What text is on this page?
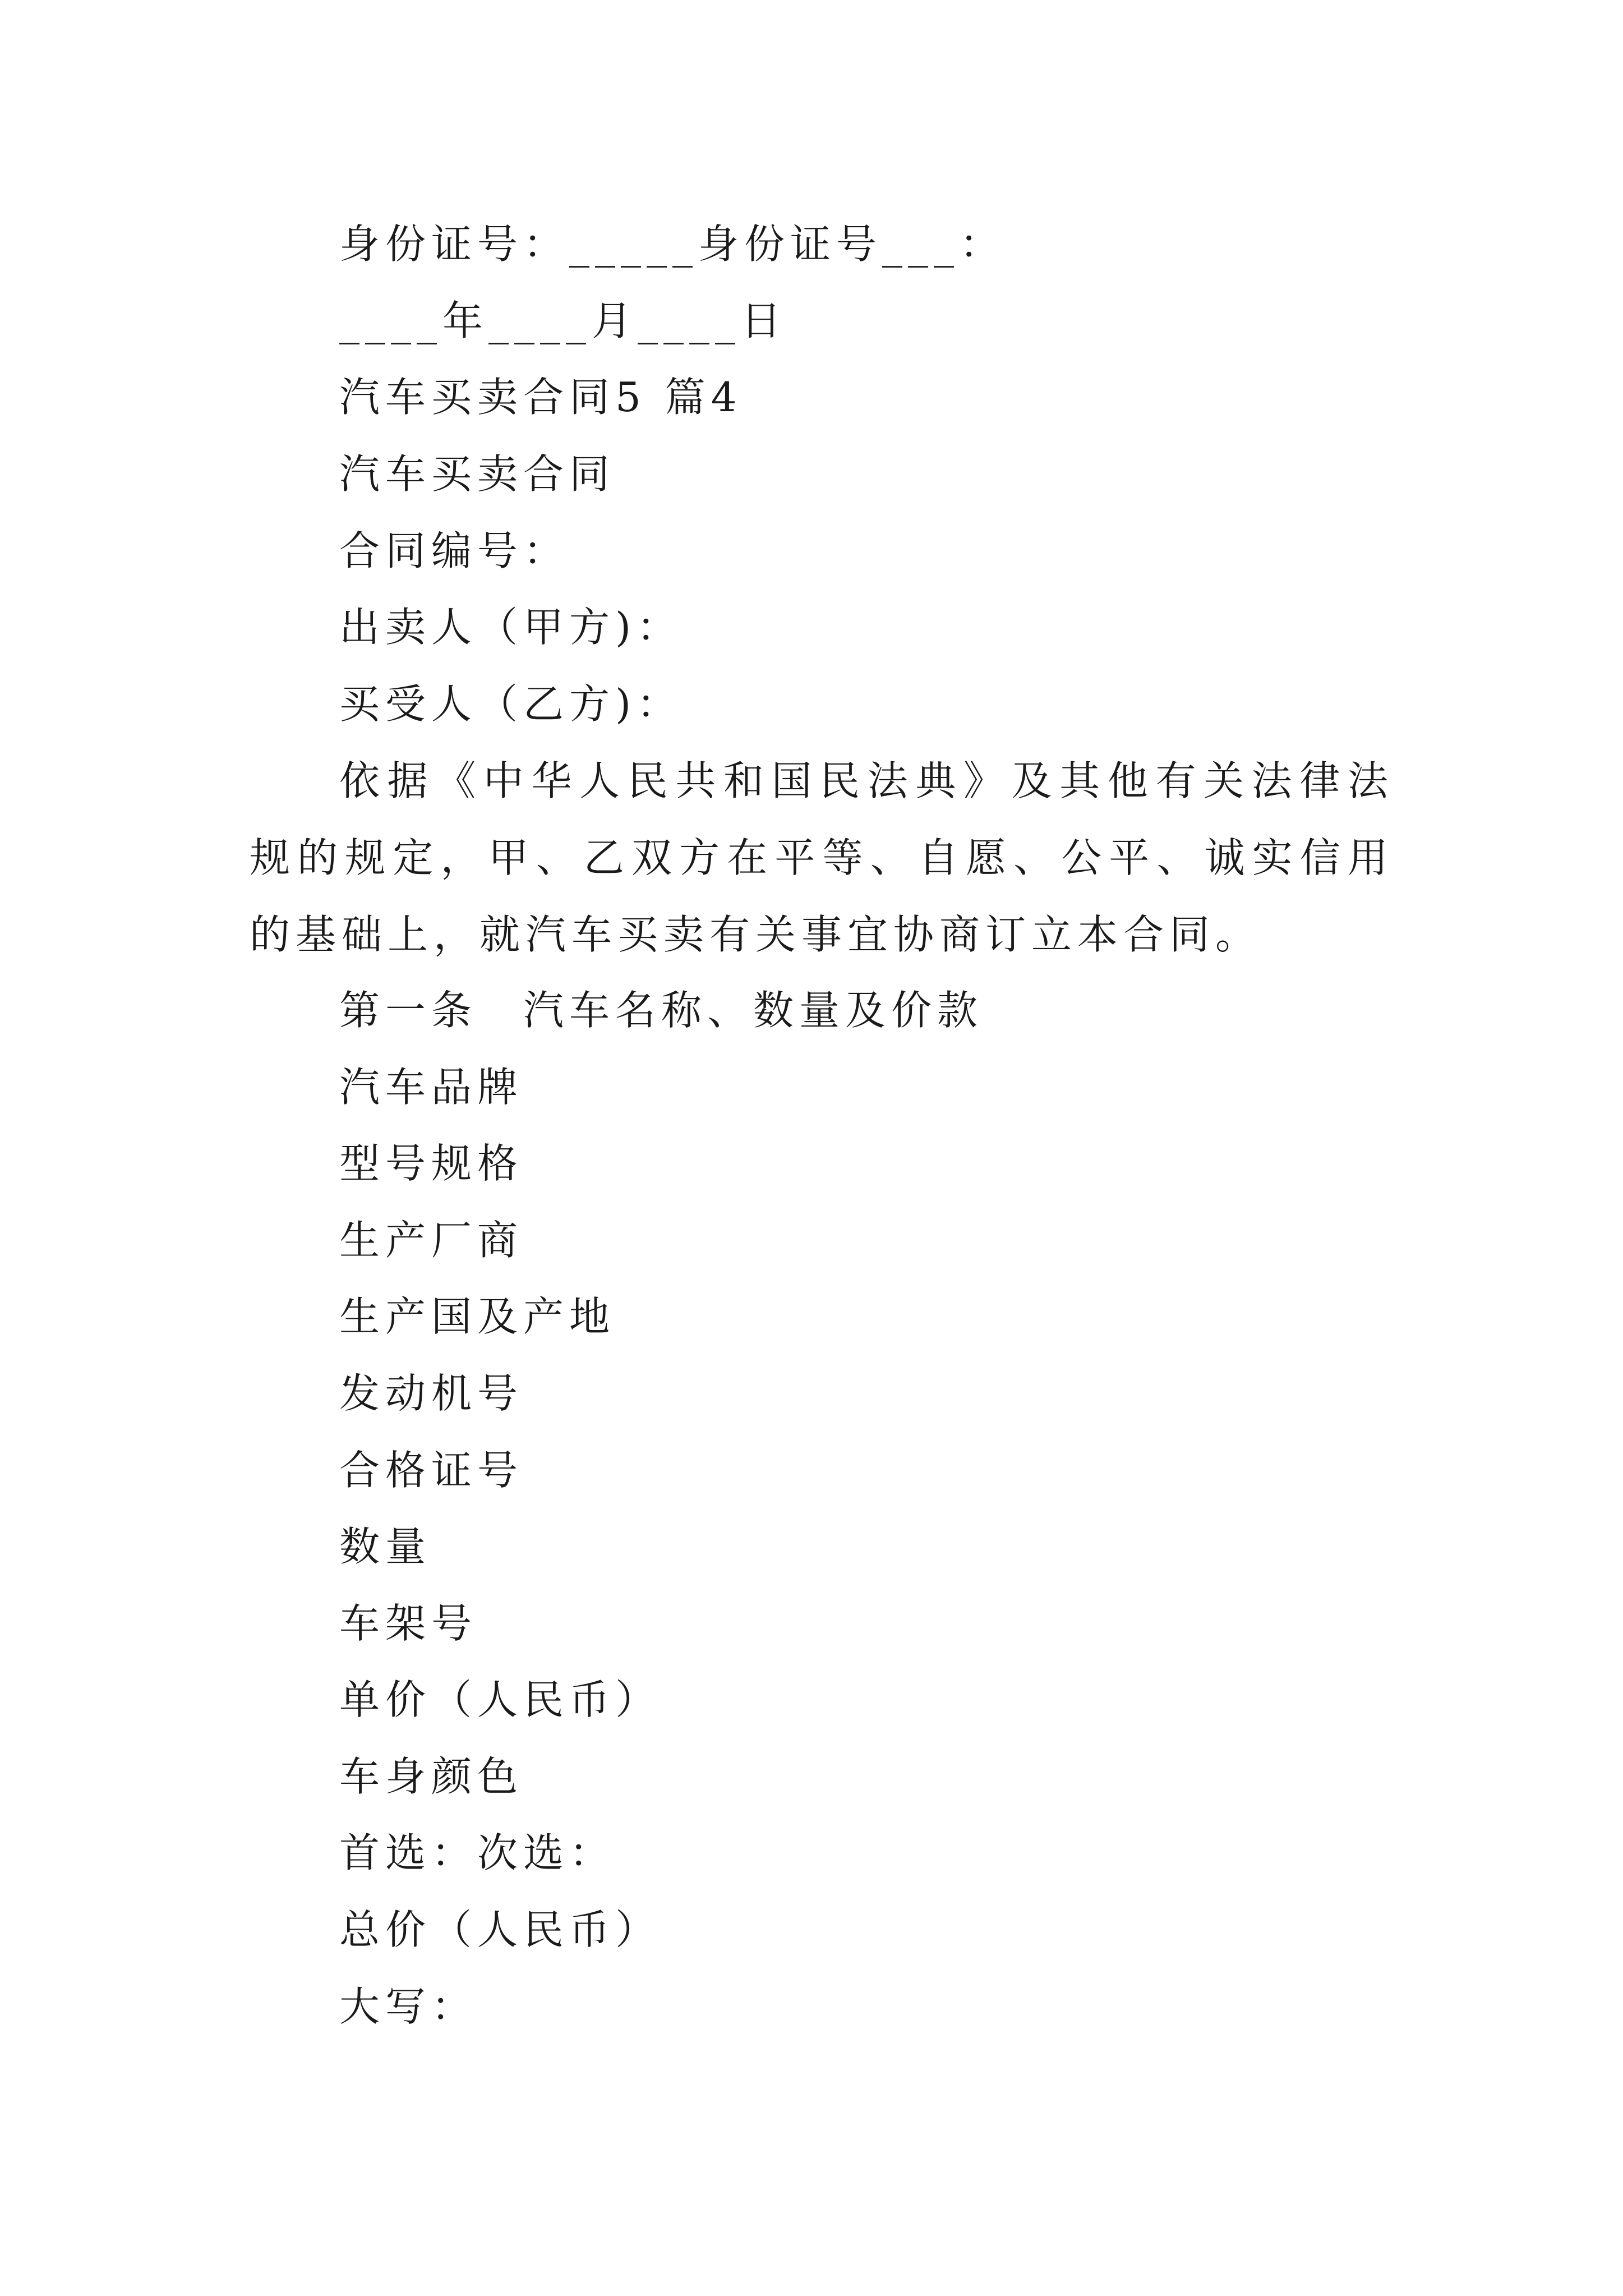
身份证号：_____身份证号___：
____年____月____日
汽车买卖合同5 篇4
汽车买卖合同
合同编号：
出卖人（甲方)：
买受人（乙方)：
依据《中华人民共和国民法典》及其他有关法律法规的规定，甲、乙双方在平等、自愿、公平、诚实信用的基础上，就汽车买卖有关事宜协商订立本合同。
第一条　汽车名称、数量及价款
汽车品牌
型号规格
生产厂商
生产国及产地
发动机号
合格证号
数量
车架号
单价（人民币）
车身颜色
首选：次选：
总价（人民币）
大写：
